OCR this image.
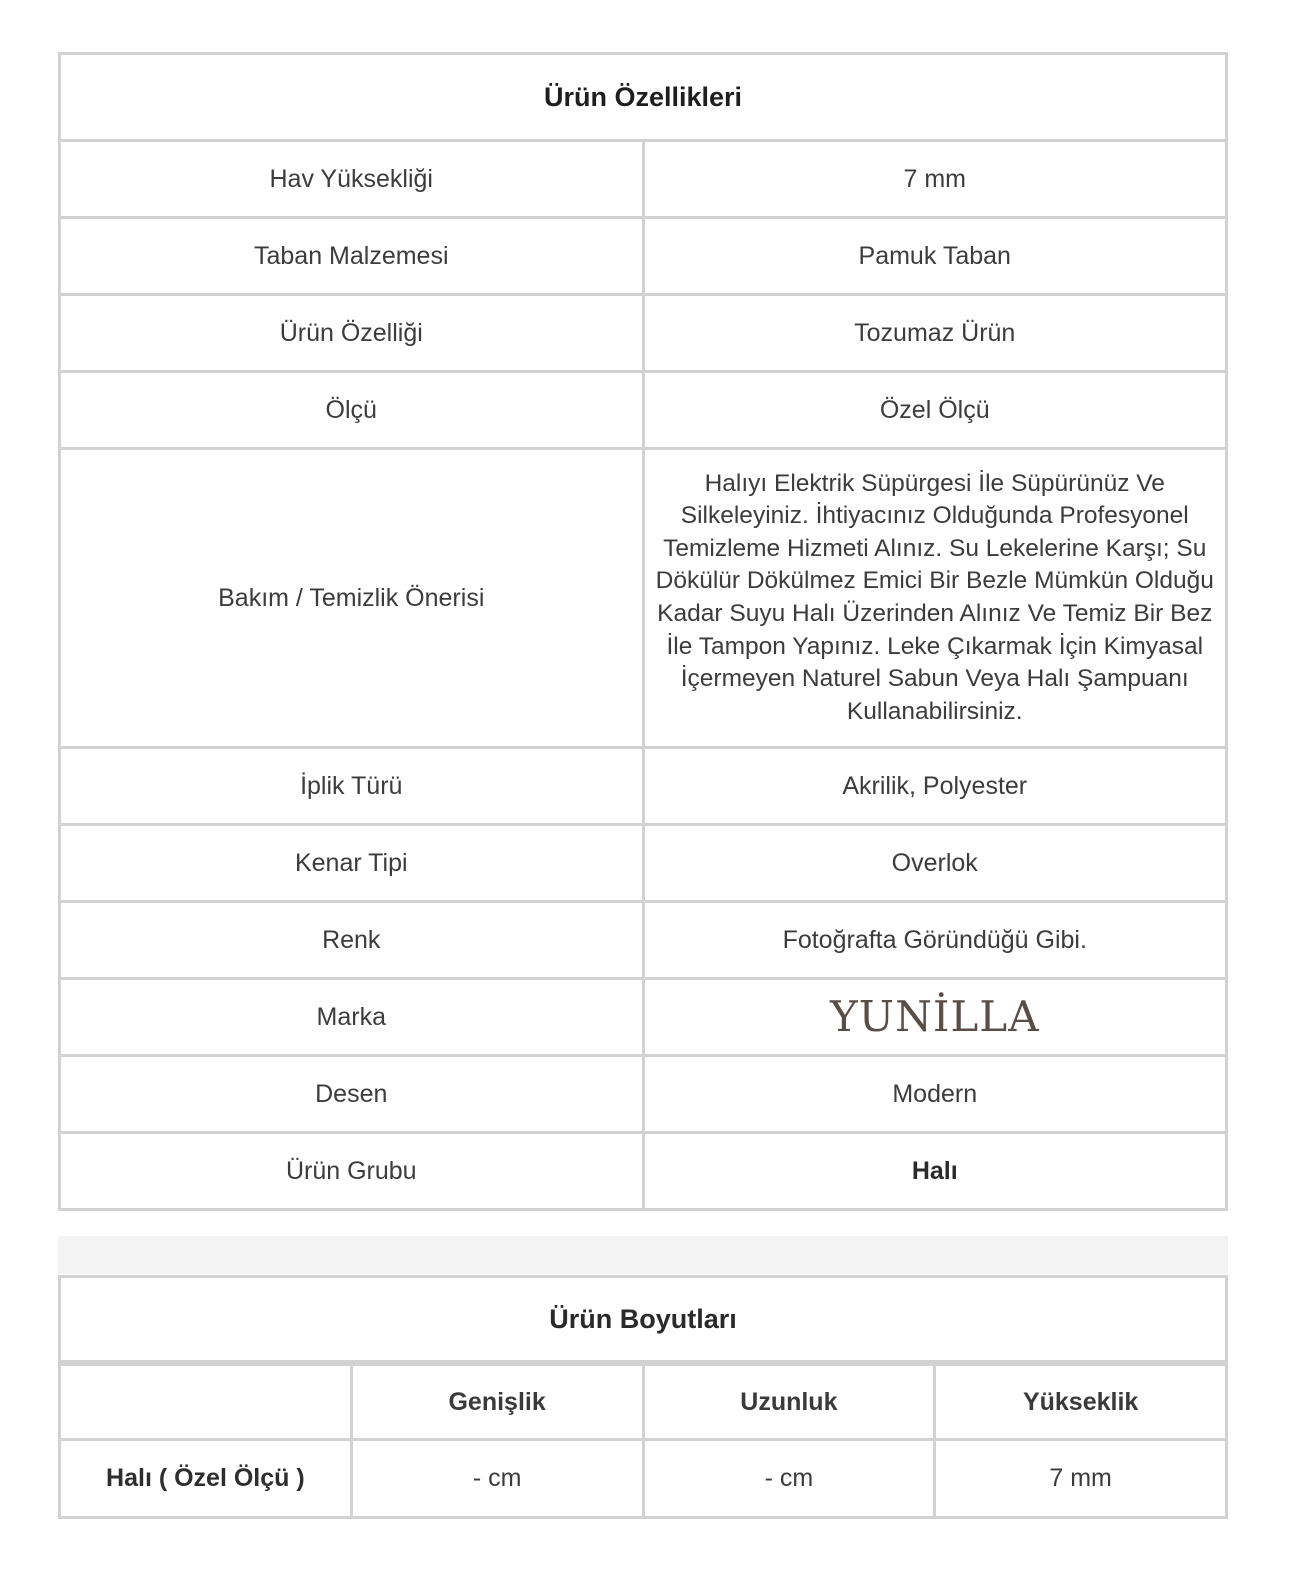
Ürün Özellikleri	
Hav Yüksekliği	7 mm
Taban Malzemesi	Pamuk Taban
Ürün Özelliği	Tozumaz Ürün
Ölçü	Özel Ölçü
Bakım / Temizlik Önerisi	Halıyı Elektrik Süpürgesi İle Süpürünüz Ve Silkeleyiniz. İhtiyacınız Olduğunda Profesyonel Temizleme Hizmeti Alınız. Su Lekelerine Karşı; Su Dökülür Dökülmez Emici Bir Bezle Mümkün Olduğu Kadar Suyu Halı Üzerinden Alınız Ve Temiz Bir Bez İle Tampon Yapınız. Leke Çıkarmak İçin Kimyasal İçermeyen Naturel Sabun Veya Halı Şampuanı Kullanabilirsiniz.
İplik Türü	Akrilik, Polyester
Kenar Tipi	Overlok
Renk	Fotoğrafta Göründüğü Gibi.
Marka	YUNİLLA
Desen	Modern
Ürün Grubu	Halı
Ürün Boyutları			
	Genişlik	Uzunluk	Yükseklik
Halı ( Özel Ölçü )	- cm	- cm	7 mm
